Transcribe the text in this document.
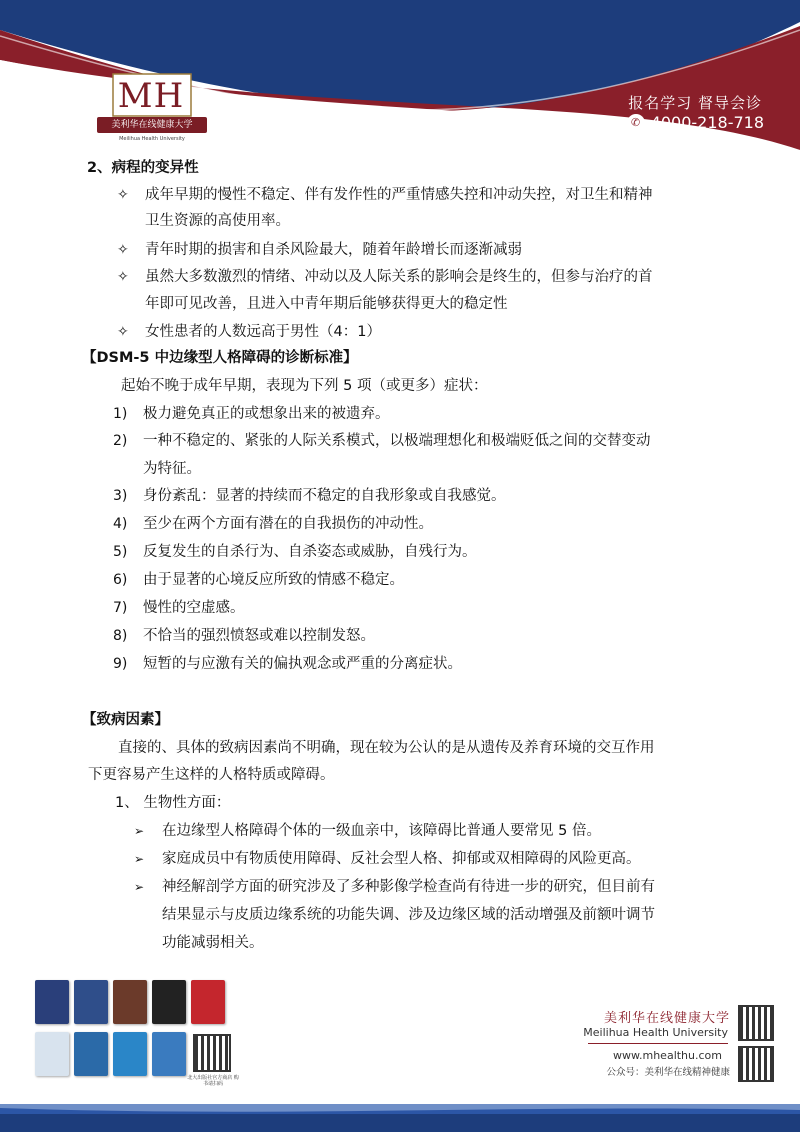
MH
美利华在线健康大学
Meilihua Health University
报名学习 督导会诊
✆ 4000-218-718
2、病程的变异性
✧ 成年早期的慢性不稳定、伴有发作性的严重情感失控和冲动失控，对卫生和精神
卫生资源的高使用率。
✧ 青年时期的损害和自杀风险最大，随着年龄增长而逐渐减弱
✧ 虽然大多数激烈的情绪、冲动以及人际关系的影响会是终生的，但参与治疗的首
年即可见改善，且进入中青年期后能够获得更大的稳定性
✧ 女性患者的人数远高于男性（4：1）
【DSM-5 中边缘型人格障碍的诊断标准】
起始不晚于成年早期，表现为下列 5 项（或更多）症状：
1) 极力避免真正的或想象出来的被遗弃。
2) 一种不稳定的、紧张的人际关系模式，以极端理想化和极端贬低之间的交替变动
为特征。
3) 身份紊乱：显著的持续而不稳定的自我形象或自我感觉。
4) 至少在两个方面有潜在的自我损伤的冲动性。
5) 反复发生的自杀行为、自杀姿态或威胁，自残行为。
6) 由于显著的心境反应所致的情感不稳定。
7) 慢性的空虚感。
8) 不恰当的强烈愤怒或难以控制发怒。
9) 短暂的与应激有关的偏执观念或严重的分离症状。
【致病因素】
直接的、具体的致病因素尚不明确，现在较为公认的是从遗传及养育环境的交互作用
下更容易产生这样的人格特质或障碍。
1、 生物性方面：
➢ 在边缘型人格障碍个体的一级血亲中，该障碍比普通人要常见 5 倍。
➢ 家庭成员中有物质使用障碍、反社会型人格、抑郁或双相障碍的风险更高。
➢ 神经解剖学方面的研究涉及了多种影像学检查尚有待进一步的研究，但目前有
结果显示与皮质边缘系统的功能失调、涉及边缘区域的活动增强及前额叶调节
功能减弱相关。
北大出版社官方商店 购书请扫码
美利华在线健康大学
Meilihua Health University
www.mhealthu.com
公众号：美利华在线精神健康
